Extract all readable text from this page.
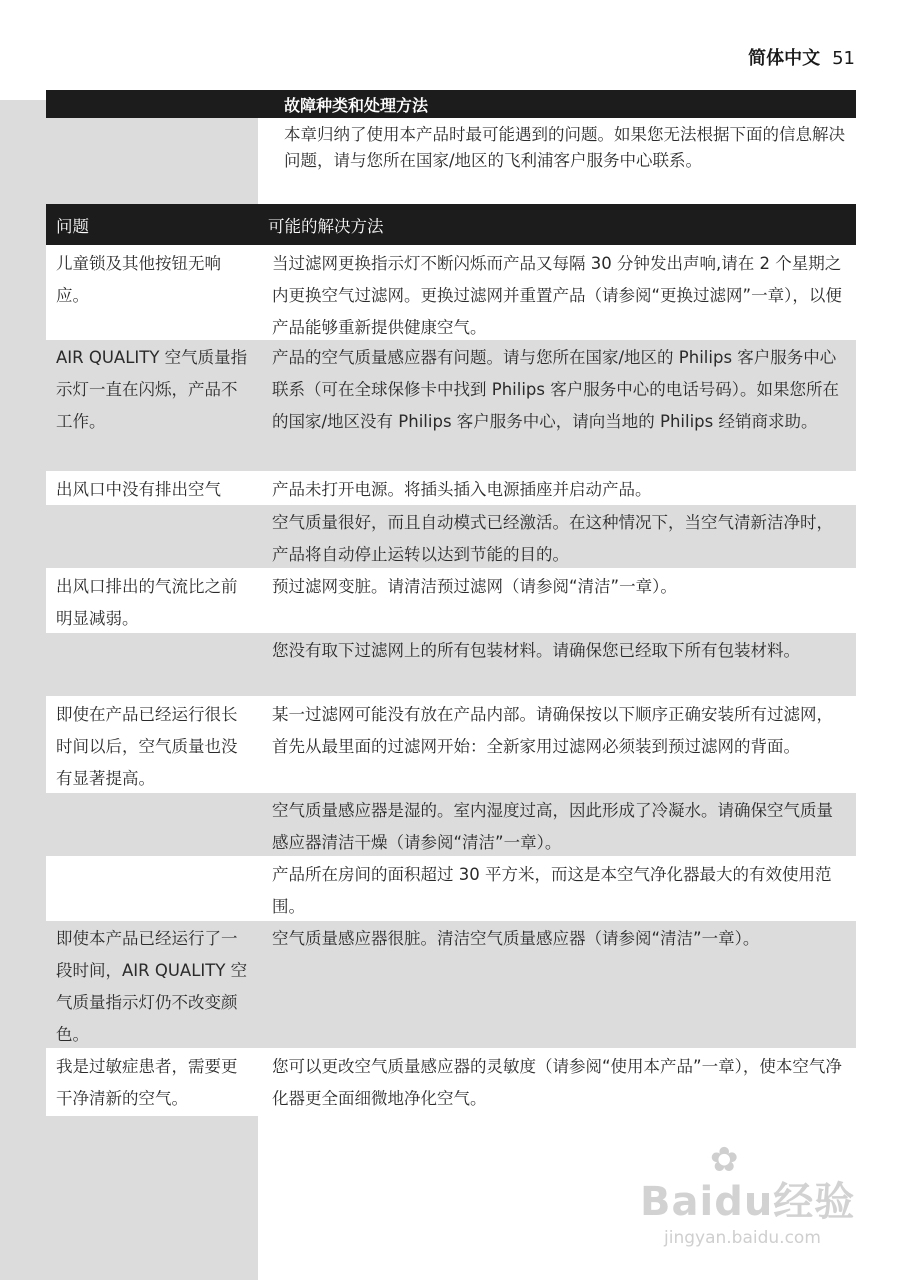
简体中文 51
故障种类和处理方法
本章归纳了使用本产品时最可能遇到的问题。如果您无法根据下面的信息解决问题，请与您所在国家/地区的飞利浦客户服务中心联系。
问题	可能的解决方法
儿童锁及其他按钮无响应。
当过滤网更换指示灯不断闪烁而产品又每隔 30 分钟发出声响,请在 2 个星期之内更换空气过滤网。更换过滤网并重置产品（请参阅“更换过滤网”一章），以便产品能够重新提供健康空气。
AIR QUALITY 空气质量指示灯一直在闪烁，产品不工作。
产品的空气质量感应器有问题。请与您所在国家/地区的 Philips 客户服务中心联系（可在全球保修卡中找到 Philips 客户服务中心的电话号码）。如果您所在的国家/地区没有 Philips 客户服务中心，请向当地的 Philips 经销商求助。
出风口中没有排出空气	产品未打开电源。将插头插入电源插座并启动产品。
空气质量很好，而且自动模式已经激活。在这种情况下，当空气清新洁净时，产品将自动停止运转以达到节能的目的。
出风口排出的气流比之前明显减弱。
预过滤网变脏。请清洁预过滤网（请参阅“清洁”一章）。
您没有取下过滤网上的所有包装材料。请确保您已经取下所有包装材料。
即使在产品已经运行很长时间以后，空气质量也没有显著提高。
某一过滤网可能没有放在产品内部。请确保按以下顺序正确安装所有过滤网，首先从最里面的过滤网开始：全新家用过滤网必须装到预过滤网的背面。
空气质量感应器是湿的。室内湿度过高，因此形成了冷凝水。请确保空气质量感应器清洁干燥（请参阅“清洁”一章）。
产品所在房间的面积超过 30 平方米，而这是本空气净化器最大的有效使用范围。
即使本产品已经运行了一段时间，AIR QUALITY 空气质量指示灯仍不改变颜色。
空气质量感应器很脏。清洁空气质量感应器（请参阅“清洁”一章）。
我是过敏症患者，需要更干净清新的空气。
您可以更改空气质量感应器的灵敏度（请参阅“使用本产品”一章），使本空气净化器更全面细微地净化空气。
✿
Baidu经验
jingyan.baidu.com
